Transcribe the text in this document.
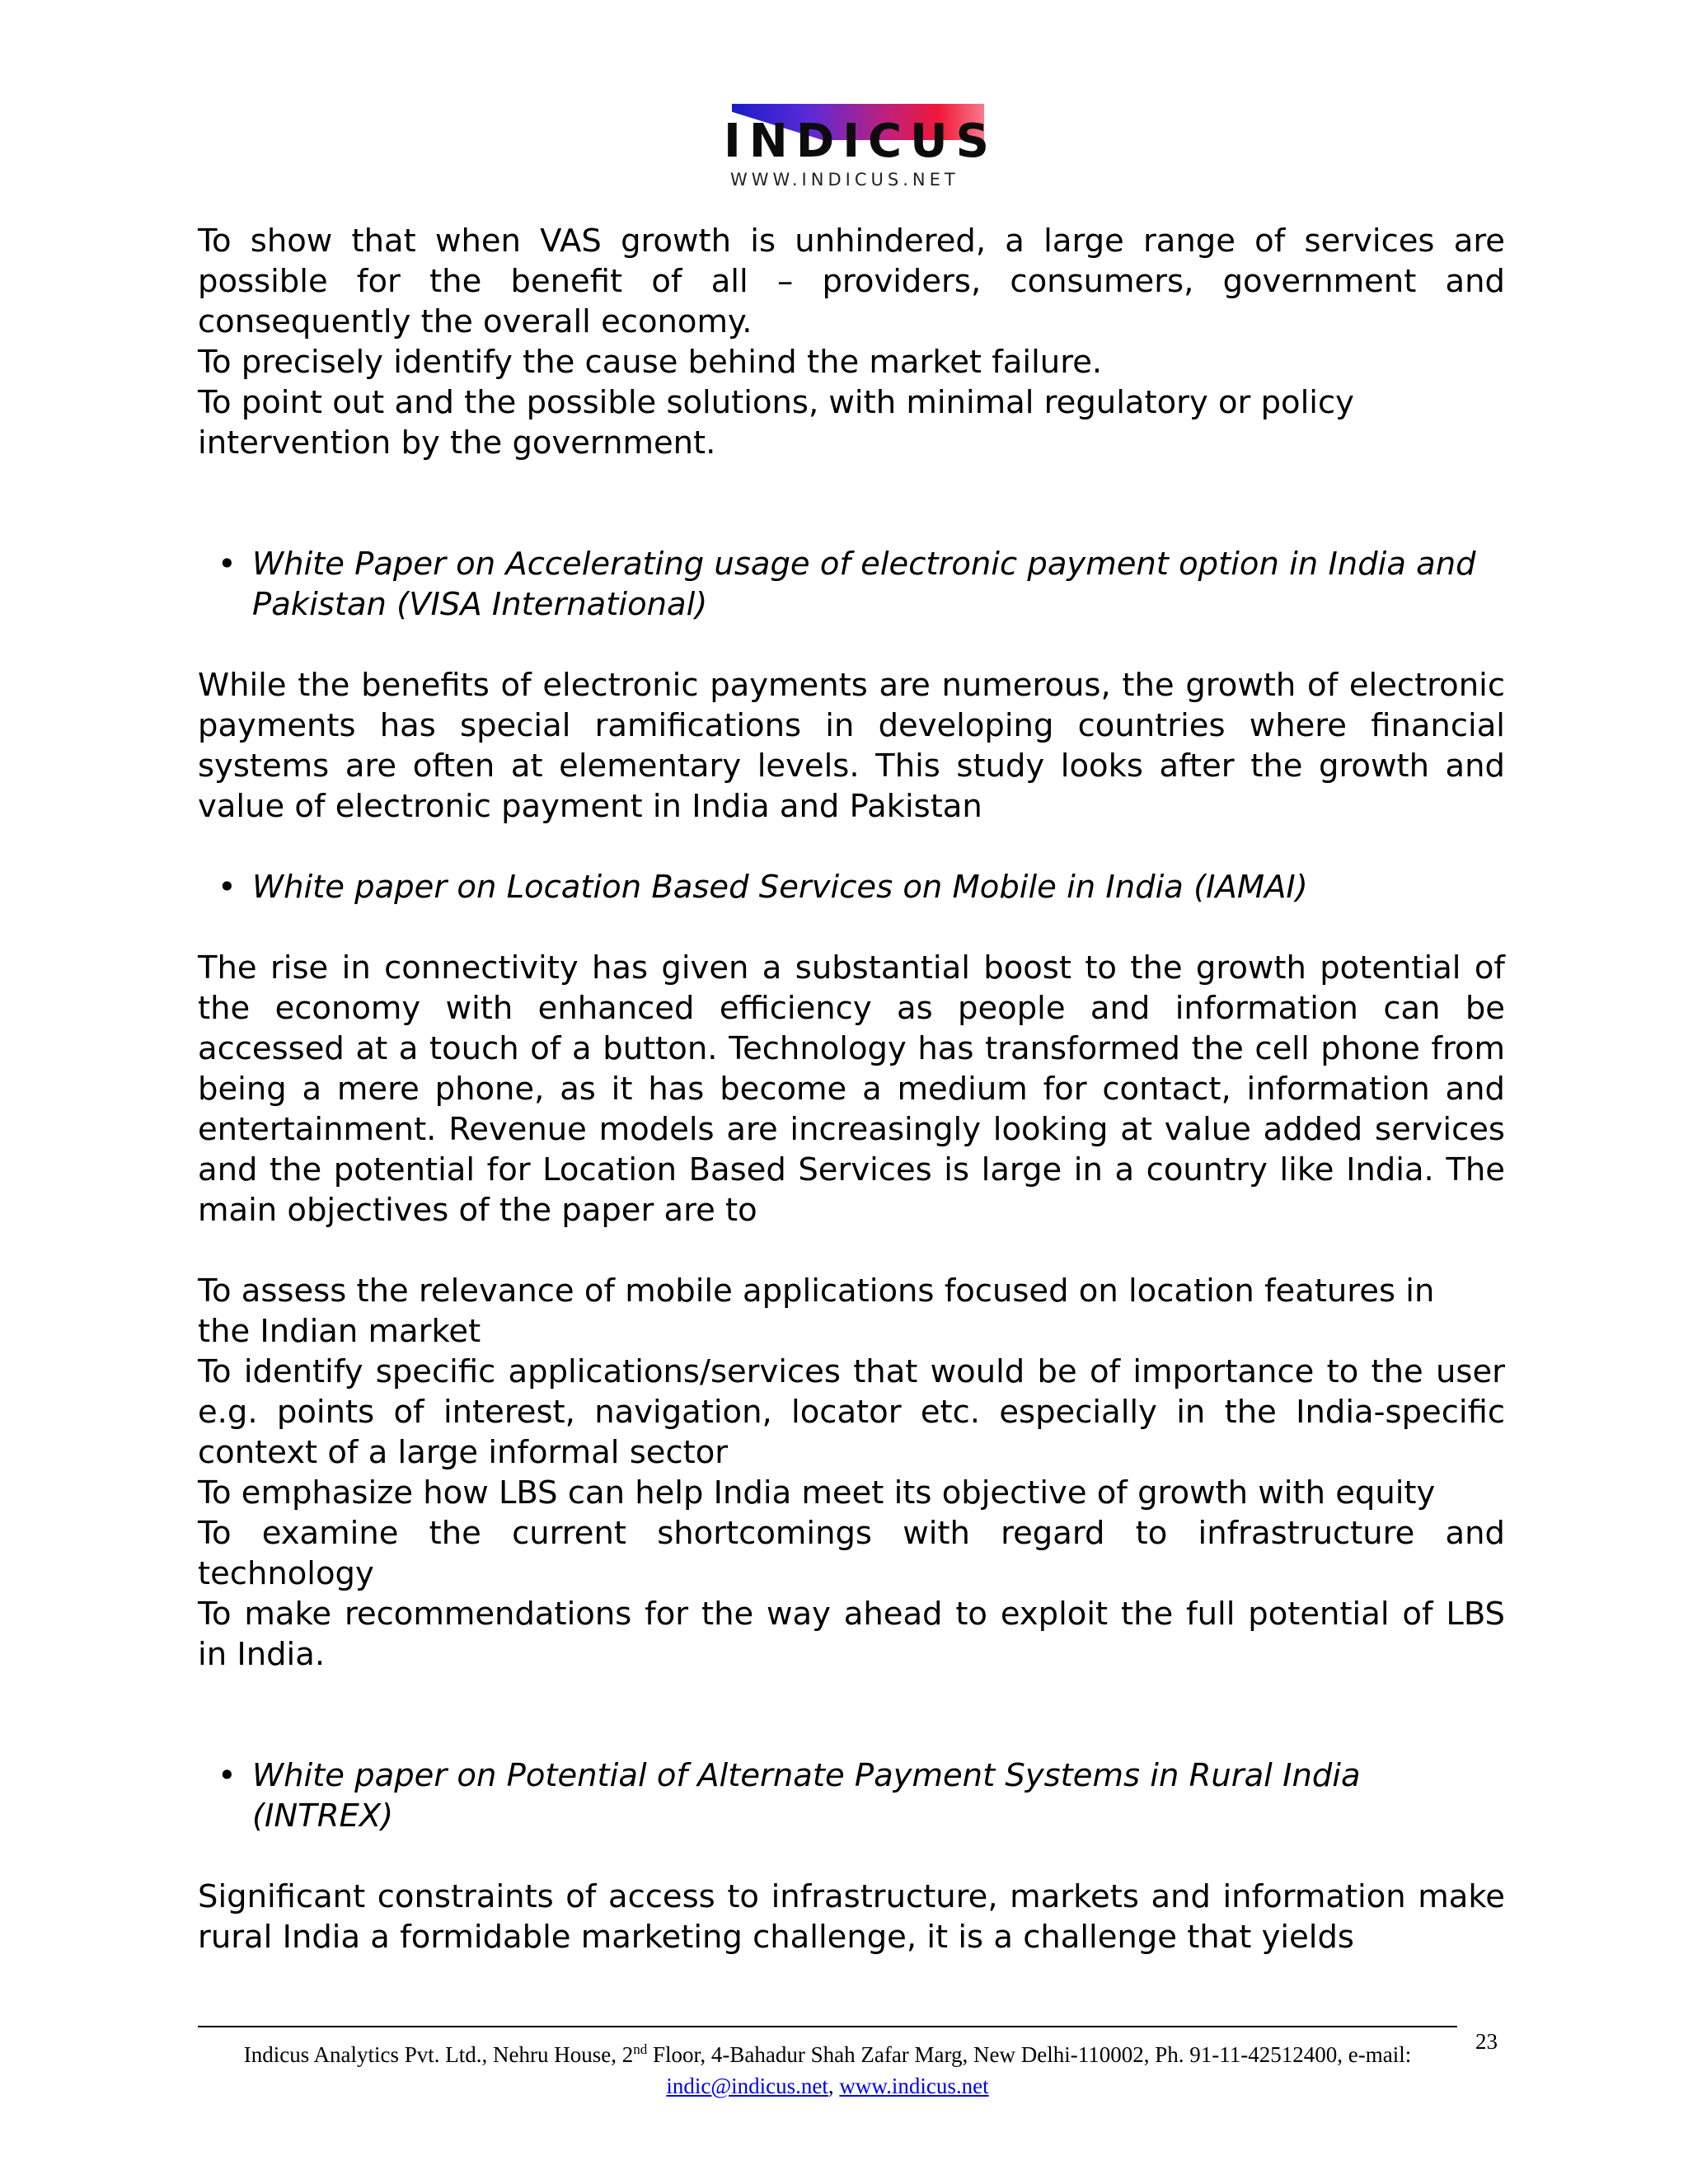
INDICUS
WWW.INDICUS.NET

To show that when VAS growth is unhindered, a large range of services are possible for the benefit of all – providers, consumers, government and consequently the overall economy.

To precisely identify the cause behind the market failure.

To point out and the possible solutions, with minimal regulatory or policy

intervention by the government.

• White Paper on Accelerating usage of electronic payment option in India and Pakistan (VISA International)

While the benefits of electronic payments are numerous, the growth of electronic payments has special ramifications in developing countries where financial systems are often at elementary levels. This study looks after the growth and value of electronic payment in India and Pakistan

• White paper on Location Based Services on Mobile in India (IAMAI)

The rise in connectivity has given a substantial boost to the growth potential of the economy with enhanced efficiency as people and information can be accessed at a touch of a button. Technology has transformed the cell phone from being a mere phone, as it has become a medium for contact, information and entertainment. Revenue models are increasingly looking at value added services and the potential for Location Based Services is large in a country like India. The main objectives of the paper are to

To assess the relevance of mobile applications focused on location features in

the Indian market

To identify specific applications/services that would be of importance to the user e.g. points of interest, navigation, locator etc. especially in the India-specific context of a large informal sector

To emphasize how LBS can help India meet its objective of growth with equity

To examine the current shortcomings with regard to infrastructure and technology

To make recommendations for the way ahead to exploit the full potential of LBS in India.

• White paper on Potential of Alternate Payment Systems in Rural India (INTREX)

Significant constraints of access to infrastructure, markets and information make rural India a formidable marketing challenge, it is a challenge that yields

Indicus Analytics Pvt. Ltd., Nehru House, 2nd Floor, 4-Bahadur Shah Zafar Marg, New Delhi-110002, Ph. 91-11-42512400, e-mail: indic@indicus.net, www.indicus.net
23
